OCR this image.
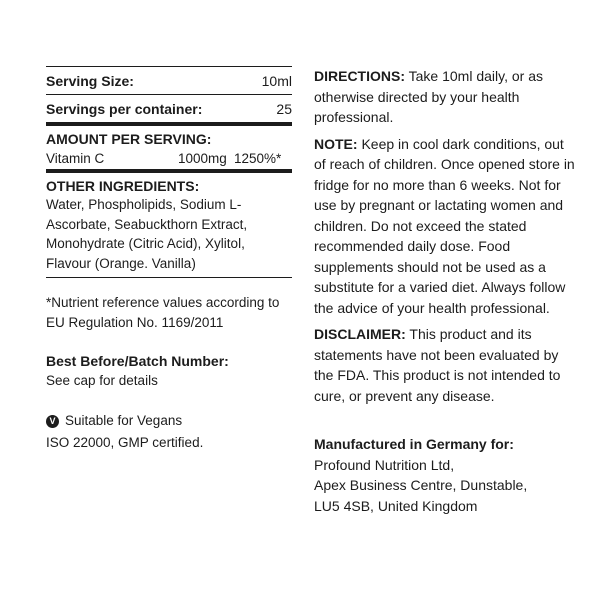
Serving Size:	10ml
Servings per container:	25
AMOUNT PER SERVING:
Vitamin C	1000mg 1250%*
OTHER INGREDIENTS:
Water, Phospholipids, Sodium L-Ascorbate, Seabuckthorn Extract, Monohydrate (Citric Acid), Xylitol, Flavour (Orange. Vanilla)
*Nutrient reference values according to EU Regulation No. 1169/2011
Best Before/Batch Number:
See cap for details
V Suitable for Vegans
ISO 22000, GMP certified.
DIRECTIONS: Take 10ml daily, or as otherwise directed by your health professional.
NOTE: Keep in cool dark conditions, out of reach of children. Once opened store in fridge for no more than 6 weeks. Not for use by pregnant or lactating women and children. Do not exceed the stated recommended daily dose. Food supplements should not be used as a substitute for a varied diet. Always follow the advice of your health professional.
DISCLAIMER: This product and its statements have not been evaluated by the FDA. This product is not intended to cure, or prevent any disease.
Manufactured in Germany for:
Profound Nutrition Ltd,
Apex Business Centre, Dunstable,
LU5 4SB, United Kingdom
